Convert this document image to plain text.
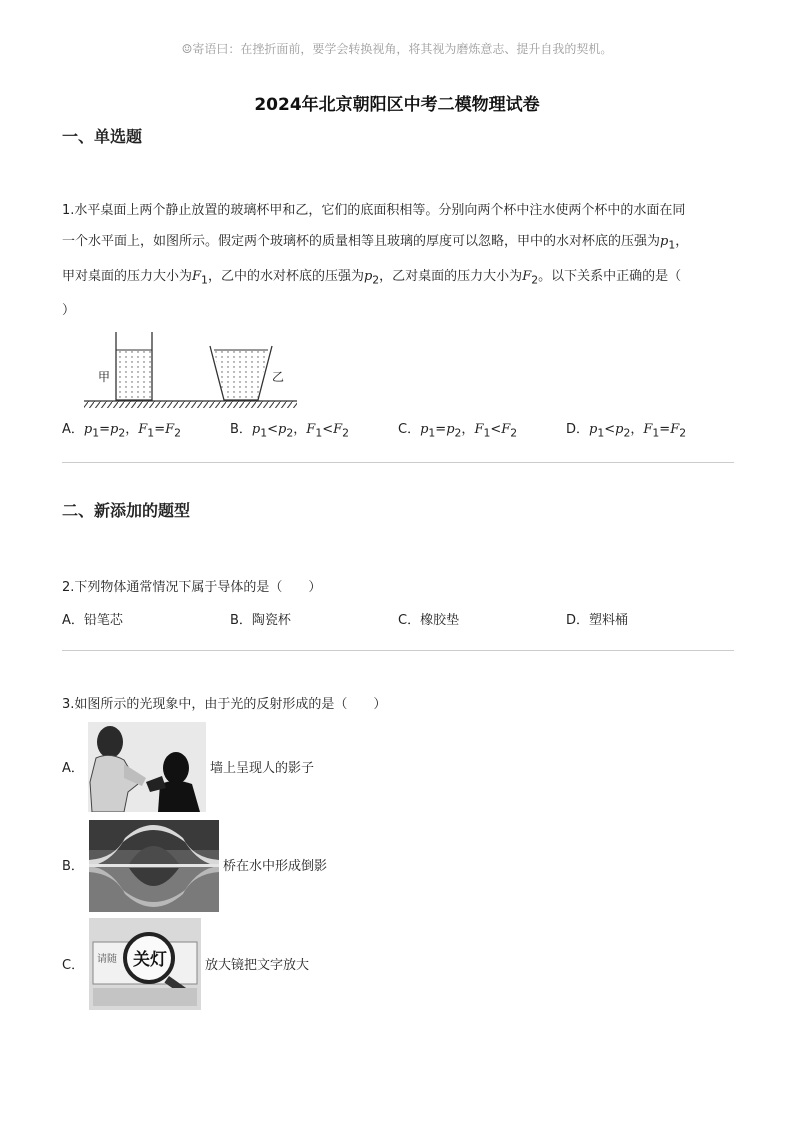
☺寄语曰：在挫折面前，要学会转换视角，将其视为磨炼意志、提升自我的契机。
2024年北京朝阳区中考二模物理试卷
一、单选题
1.水平桌面上两个静止放置的玻璃杯甲和乙，它们的底面积相等。分别向两个杯中注水使两个杯中的水面在同
一个水平面上，如图所示。假定两个玻璃杯的质量相等且玻璃的厚度可以忽略，甲中的水对杯底的压强为$p_1$，
甲对桌面的压力大小为$F_1$，乙中的水对杯底的压强为$p_2$，乙对桌面的压力大小为$F_2$。以下关系中正确的是（
）
甲	乙
A．$p_1=p_2$，$F_1=F_2$	B．$p_1<p_2$，$F_1<F_2$	C．$p_1=p_2$，$F_1<F_2$	D．$p_1<p_2$，$F_1=F_2$
二、新添加的题型
2.下列物体通常情况下属于导体的是（　　）
A．铅笔芯	B．陶瓷杯	C．橡胶垫	D．塑料桶
3.如图所示的光现象中，由于光的反射形成的是（　　）
A．	墙上呈现人的影子
B．	桥在水中形成倒影
C． 请随 关灯	放大镜把文字放大
